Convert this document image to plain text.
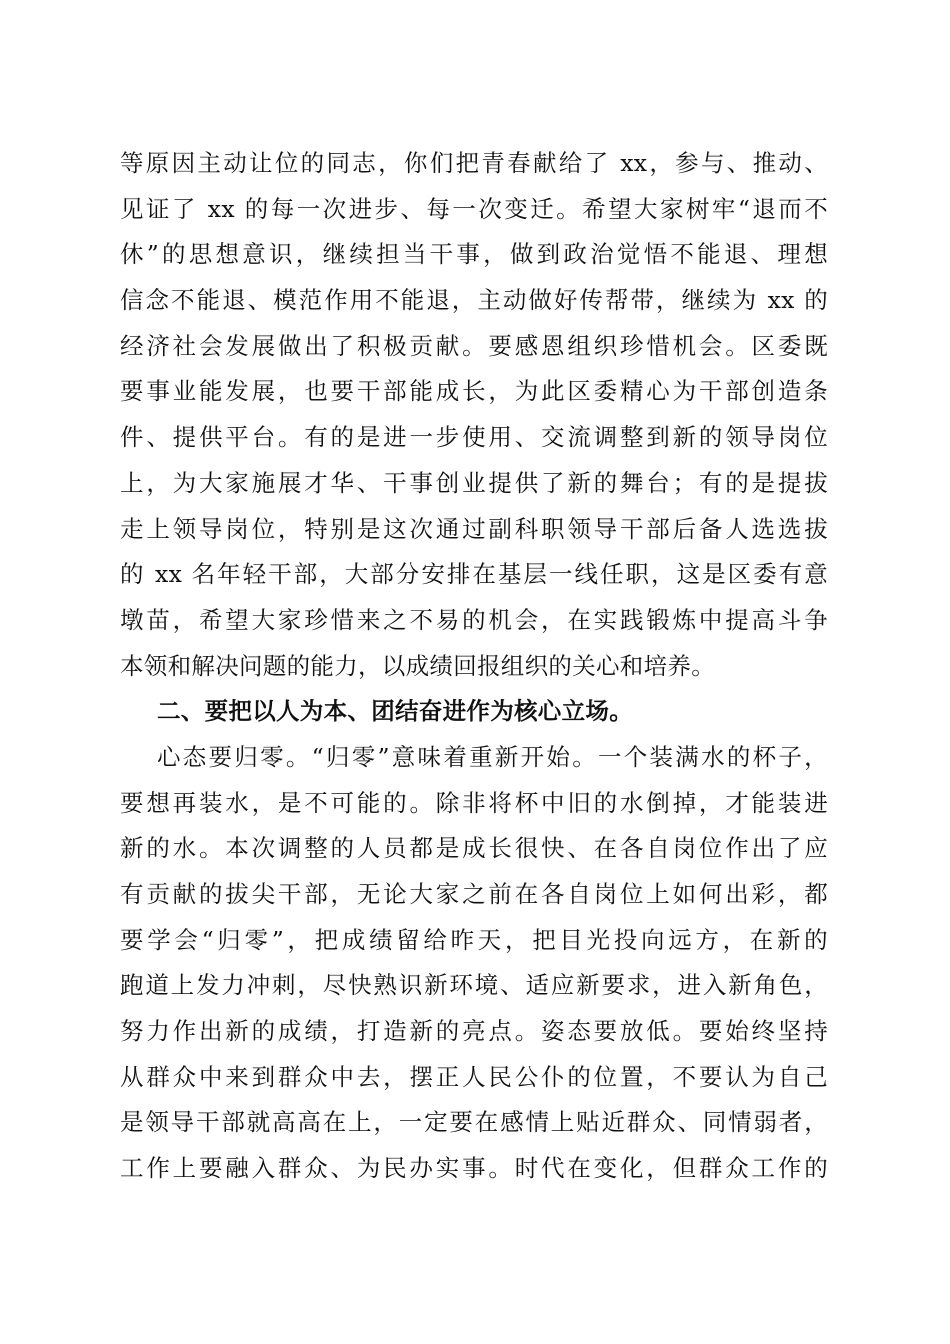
等原因主动让位的同志，你们把青春献给了 xx，参与、推动、
见证了 xx 的每一次进步、每一次变迁。希望大家树牢“退而不
休”的思想意识，继续担当干事，做到政治觉悟不能退、理想
信念不能退、模范作用不能退，主动做好传帮带，继续为 xx 的
经济社会发展做出了积极贡献。要感恩组织珍惜机会。区委既
要事业能发展，也要干部能成长，为此区委精心为干部创造条
件、提供平台。有的是进一步使用、交流调整到新的领导岗位
上，为大家施展才华、干事创业提供了新的舞台；有的是提拔
走上领导岗位，特别是这次通过副科职领导干部后备人选选拔
的 xx 名年轻干部，大部分安排在基层一线任职，这是区委有意
墩苗，希望大家珍惜来之不易的机会，在实践锻炼中提高斗争
本领和解决问题的能力，以成绩回报组织的关心和培养。
二、要把以人为本、团结奋进作为核心立场。
心态要归零。“归零”意味着重新开始。一个装满水的杯子，
要想再装水，是不可能的。除非将杯中旧的水倒掉，才能装进
新的水。本次调整的人员都是成长很快、在各自岗位作出了应
有贡献的拔尖干部，无论大家之前在各自岗位上如何出彩，都
要学会“归零”，把成绩留给昨天，把目光投向远方，在新的
跑道上发力冲刺，尽快熟识新环境、适应新要求，进入新角色，
努力作出新的成绩，打造新的亮点。姿态要放低。要始终坚持
从群众中来到群众中去，摆正人民公仆的位置，不要认为自己
是领导干部就高高在上，一定要在感情上贴近群众、同情弱者，
工作上要融入群众、为民办实事。时代在变化，但群众工作的
